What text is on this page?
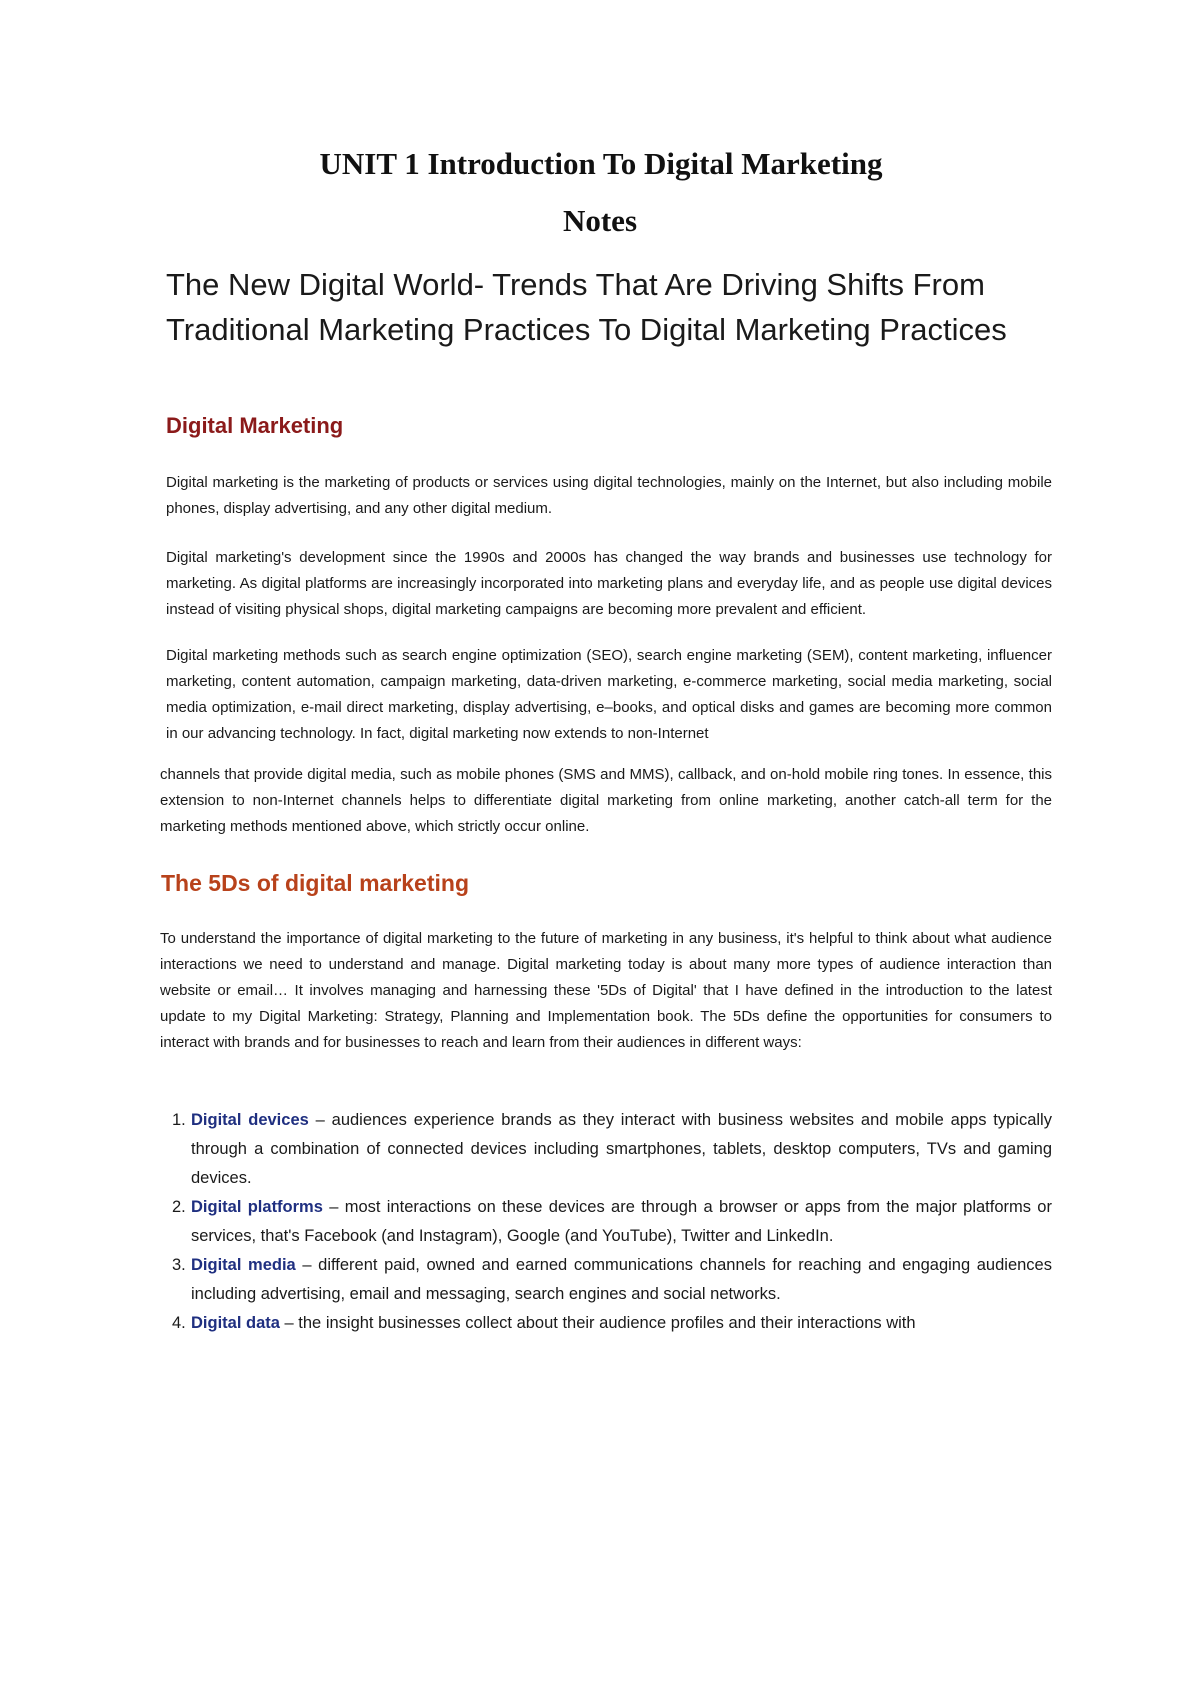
UNIT 1 Introduction To Digital Marketing
Notes
The New Digital World- Trends That Are Driving Shifts From Traditional Marketing Practices To Digital Marketing Practices
Digital Marketing

Digital marketing is the marketing of products or services using digital technologies, mainly on the Internet, but also including mobile phones, display advertising, and any other digital medium.

Digital marketing's development since the 1990s and 2000s has changed the way brands and businesses use technology for marketing. As digital platforms are increasingly incorporated into marketing plans and everyday life, and as people use digital devices instead of visiting physical shops, digital marketing campaigns are becoming more prevalent and efficient.

Digital marketing methods such as search engine optimization (SEO), search engine marketing (SEM), content marketing, influencer marketing, content automation, campaign marketing, data-driven marketing, e-commerce marketing, social media marketing, social media optimization, e-mail direct marketing, display advertising, e–books, and optical disks and games are becoming more common in our advancing technology. In fact, digital marketing now extends to non-Internet

channels that provide digital media, such as mobile phones (SMS and MMS), callback, and on-hold mobile ring tones. In essence, this extension to non-Internet channels helps to differentiate digital marketing from online marketing, another catch-all term for the marketing methods mentioned above, which strictly occur online.

The 5Ds of digital marketing

To understand the importance of digital marketing to the future of marketing in any business, it's helpful to think about what audience interactions we need to understand and manage. Digital marketing today is about many more types of audience interaction than website or email… It involves managing and harnessing these '5Ds of Digital' that I have defined in the introduction to the latest update to my Digital Marketing: Strategy, Planning and Implementation book. The 5Ds define the opportunities for consumers to interact with brands and for businesses to reach and learn from their audiences in different ways:

1. Digital devices – audiences experience brands as they interact with business websites and mobile apps typically through a combination of connected devices including smartphones, tablets, desktop computers, TVs and gaming devices.
2. Digital platforms – most interactions on these devices are through a browser or apps from the major platforms or services, that's Facebook (and Instagram), Google (and YouTube), Twitter and LinkedIn.
3. Digital media – different paid, owned and earned communications channels for reaching and engaging audiences including advertising, email and messaging, search engines and social networks.
4. Digital data – the insight businesses collect about their audience profiles and their interactions with
